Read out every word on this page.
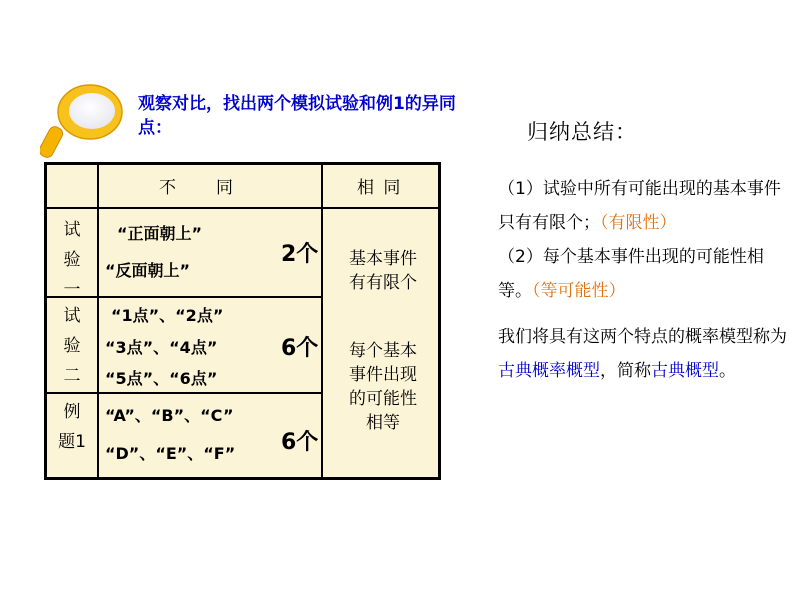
观察对比，找出两个模拟试验和例1的异同点：
不　　同	相 同
试
验
一
“正面朝上”
“反面朝上”
2个
试
验
二
“1点”、“2点”
“3点”、“4点”
“5点”、“6点”
6个
例
题1
“A”、“B”、“C”
“D”、“E”、“F” 6个
基本事件
有有限个
每个基本
事件出现
的可能性
相等
归纳总结：

（1）试验中所有可能出现的基本事件只有有限个；（有限性）

（2）每个基本事件出现的可能性相等。（等可能性）

我们将具有这两个特点的概率模型称为古典概率概型，简称古典概型。
